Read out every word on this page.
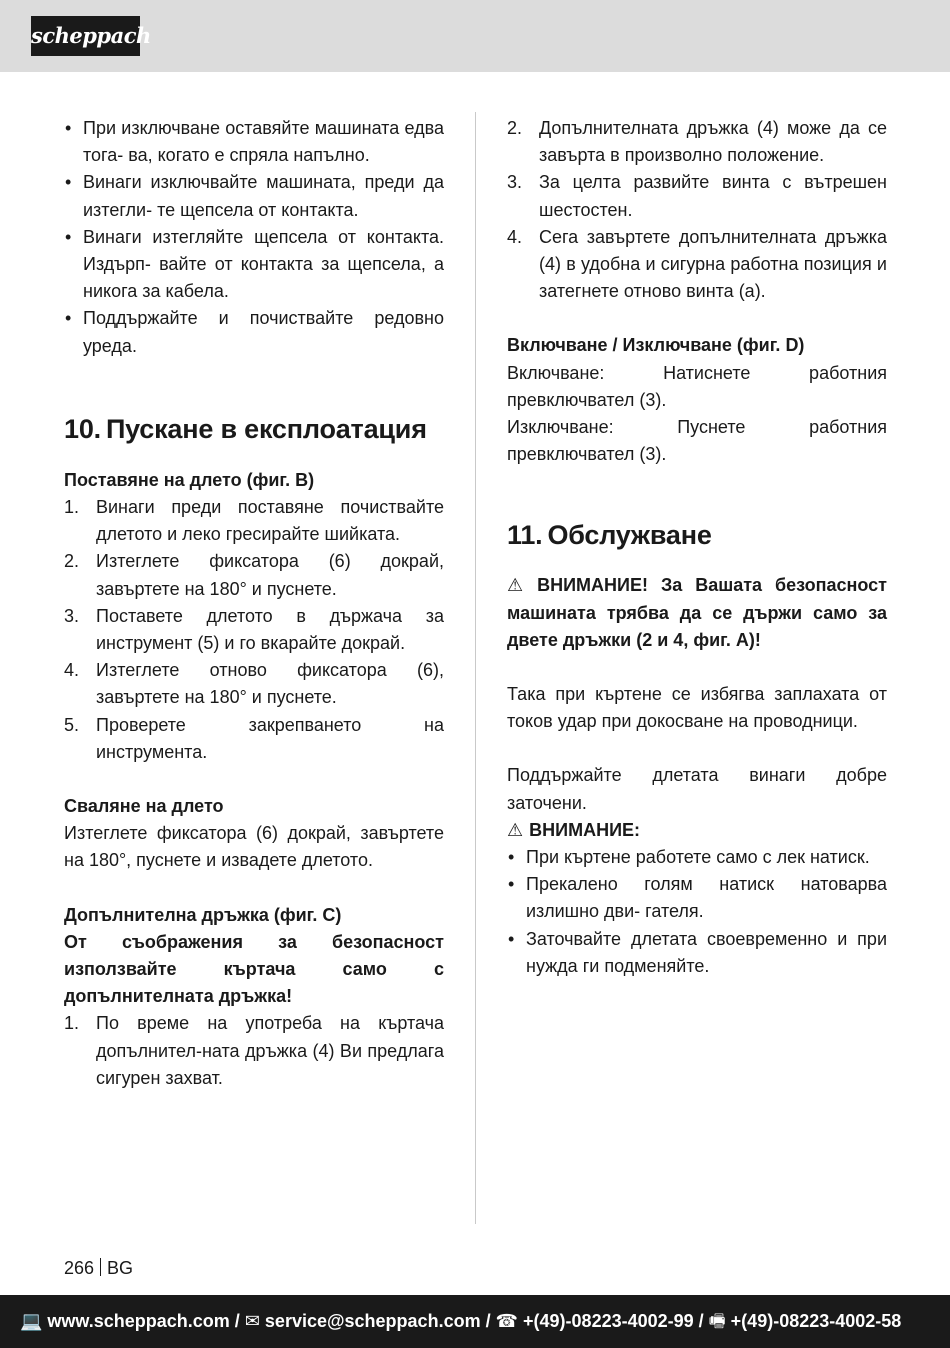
scheppach
• При изключване оставяйте машината едва тога- ва, когато е спряла напълно.
• Винаги изключвайте машината, преди да изтегли- те щепсела от контакта.
• Винаги изтегляйте щепсела от контакта. Издърп- вайте от контакта за щепсела, а никога за кабела.
• Поддържайте и почиствайте редовно уреда.
10. Пускане в експлоатация
Поставяне на длето (фиг. B)
1. Винаги преди поставяне почиствайте длетото и леко гресирайте шийката.
2. Изтеглете фиксатора (6) докрай, завъртете на 180° и пуснете.
3. Поставете длетото в държача за инструмент (5) и го вкарайте докрай.
4. Изтеглете отново фиксатора (6), завъртете на 180° и пуснете.
5. Проверете закрепването на инструмента.
Сваляне на длето

Изтеглете фиксатора (6) докрай, завъртете на 180°, пуснете и извадете длетото.

Допълнителна дръжка (фиг. C)

От съображения за безопасност използвайте къртача само с допълнителната дръжка!

1. По време на употреба на къртача допълнител-ната дръжка (4) Ви предлага сигурен захват.
2. Допълнителната дръжка (4) може да се завърта в произволно положение.
3. За целта развийте винта с вътрешен шестостен.
4. Сега завъртете допълнителната дръжка (4) в удобна и сигурна работна позиция и затегнете отново винта (а).
Включване / Изключване (фиг. D)

Включване: Натиснете работния превключвател (3).

Изключване: Пуснете работния превключвател (3).

11. Обслужване

⚠ ВНИМАНИЕ! За Вашата безопасност машината трябва да се държи само за двете дръжки (2 и 4, фиг. A)!

Така при къртене се избягва заплахата от токов удар при докосване на проводници.

Поддържайте длетата винаги добре заточени.

⚠ ВНИМАНИЕ:

• При къртене работете само с лек натиск.
• Прекалено голям натиск натоварва излишно дви- гателя.
• Заточвайте длетата своевременно и при нужда ги подменяйте.
266 BG
💻 www.scheppach.com / ✉ service@scheppach.com / ☎ +(49)-08223-4002-99 / 🖷 +(49)-08223-4002-58
